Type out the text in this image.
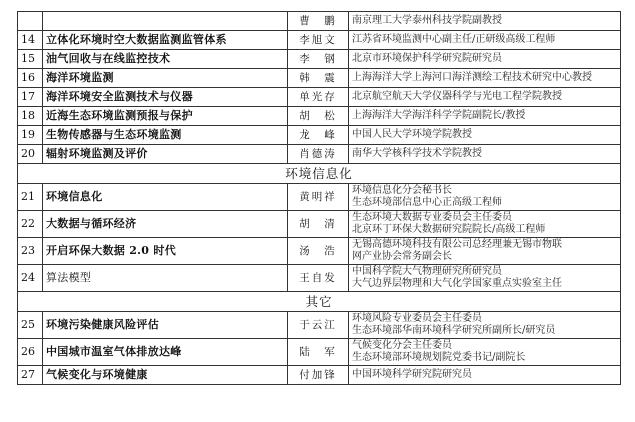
		曹　鹏	南京理工大学泰州科技学院副教授

14	立体化环境时空大数据监测监管体系	李旭文	江苏省环境监测中心副主任/正研级高级工程师

15	油气回收与在线监控技术	李　钢	北京市环境保护科学研究院研究员

16	海洋环境监测	韩　震	上海海洋大学上海河口海洋测绘工程技术研究中心教授

17	海洋环境安全监测技术与仪器	单光存	北京航空航天大学仪器科学与光电工程学院教授

18	近海生态环境监测预报与保护	胡　松	上海海洋大学海洋科学学院副院长/教授

19	生物传感器与生态环境监测	龙　峰	中国人民大学环境学院教授

20	辐射环境监测及评价	肖德涛	南华大学核科学技术学院教授

环境信息化			
21	环境信息化	黄明祥	环境信息化分会秘书长
生态环境部信息中心正高级工程师

22	大数据与循环经济	胡　清	生态环境大数据专业委员会主任委员
北京环丁环保大数据研究院院长/高级工程师

23	开启环保大数据 2.0 时代	汤　浩	无锡高德环境科技有限公司总经理兼无锡市物联
网产业协会常务副会长

24	算法模型	王自发	中国科学院大气物理研究所研究员
大气边界层物理和大气化学国家重点实验室主任

其它			
25	环境污染健康风险评估	于云江	环境风险专业委员会主任委员
生态环境部华南环境科学研究所副所长/研究员

26	中国城市温室气体排放达峰	陆　军	气候变化分会主任委员
生态环境部环境规划院党委书记/副院长

27	气候变化与环境健康	付加锋	中国环境科学研究院研究员
